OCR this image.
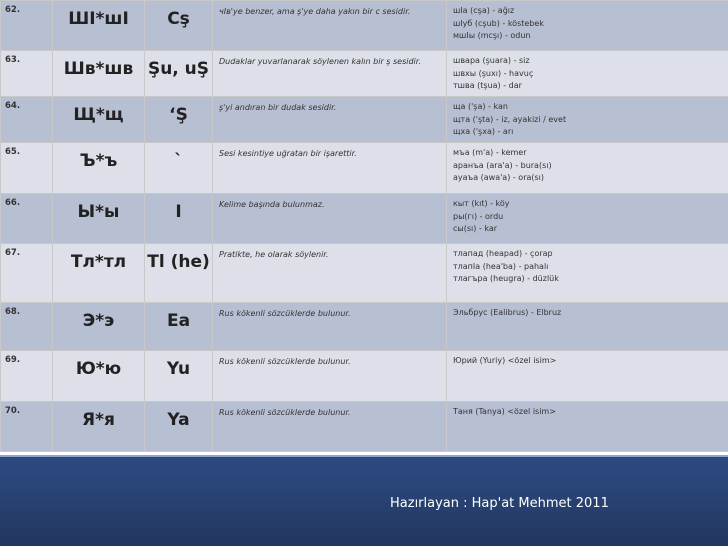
62.	ШI*шI	Cş	чIв'ye benzer, ama ş'ye daha yakın bir c sesidir.	шIа (cşa) - ağız
шIуб (cşub) - köstebek
мшIы (mcşı) - odun

63.	Шв*шв	Şu, uŞ	Dudaklar yuvarlanarak söylenen kalın bir ş sesidir.	швара (şuara) - siz
швхы (şuxı) - havuç
тшва (tşua) - dar

64.	Щ*щ	‘Ş	ş'yi andıran bir dudak sesidir.	ща ('şa) - kan
щта ('şta) - iz, ayakizi / evet
щха ('şxa) - arı

65.	Ъ*ъ	`	Sesi kesintiye uğratan bir işarettir.	мъа (m'a) - kemer
аранъа (ara'a) - bura(sı)
ауаъа (awa'a) - ora(sı)

66.	Ы*ы	I	Kelime başında bulunmaz.	кыт (kıt) - köy
ры(гı) - ordu
сы(sı) - kar

67.	Тл*тл	Tl (he)	Pratikte, he olarak söylenir.	тлапад (heapad) - çorap
тлапIа (hea'ba) - pahalı
тлагъра (heugra) - düzlük

68.	Э*э	Ea	Rus kökenli sözcüklerde bulunur.	Эльбрус (Ealibrus) - Elbruz

69.	Ю*ю	Yu	Rus kökenli sözcüklerde bulunur.	Юрий (Yuriy) <özel isim>

70.	Я*я	Ya	Rus kökenli sözcüklerde bulunur.	Таня (Tanya) <özel isim>
Hazırlayan : Hap'at Mehmet 2011
